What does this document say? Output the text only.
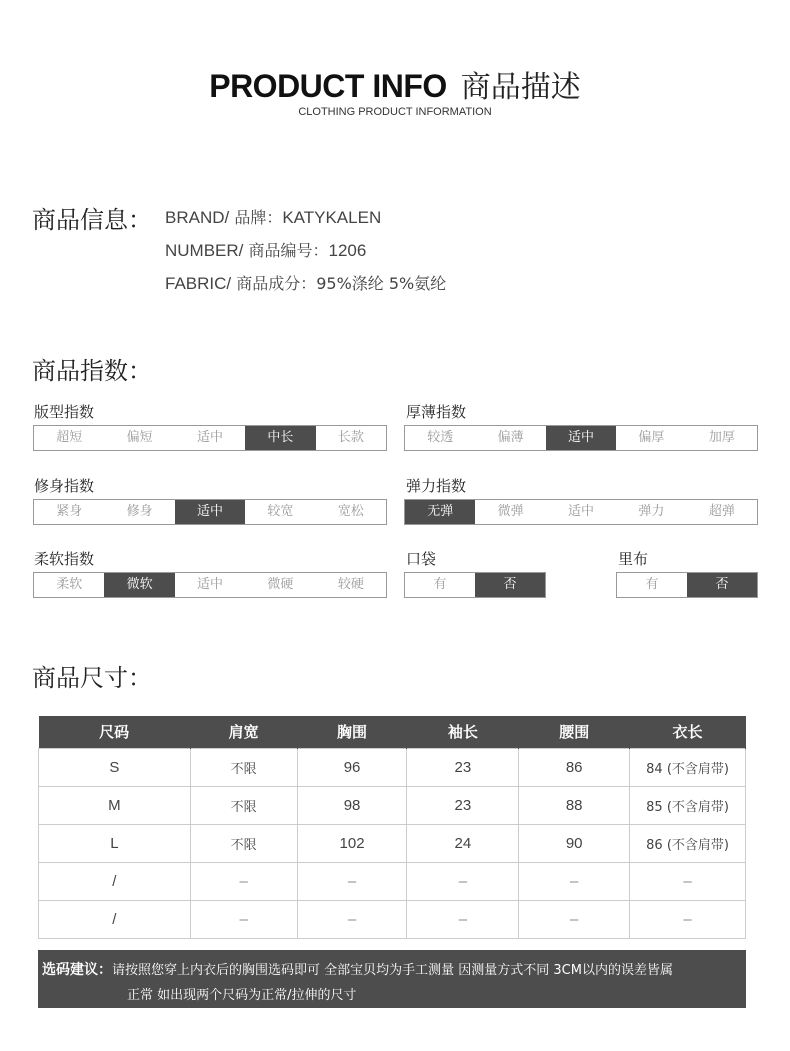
PRODUCT INFO 商品描述
CLOTHING PRODUCT INFORMATION
商品信息： BRAND/ 品牌：KATYKALEN
NUMBER/ 商品编号：1206
FABRIC/ 商品成分：95%涤纶 5%氨纶
商品指数：
版型指数
超短	偏短	适中	中长	长款
厚薄指数
较透	偏薄	适中	偏厚	加厚
修身指数
紧身	修身	适中	较宽	宽松
弹力指数
无弹	微弹	适中	弹力	超弹
柔软指数
柔软	微软	适中	微硬	较硬
口袋
有	否
里布
有	否
商品尺寸：
尺码	肩宽	胸围	袖长	腰围	衣长
S	不限	96	23	86	84 (不含肩带)
M	不限	98	23	88	85 (不含肩带)
L	不限	102	24	90	86 (不含肩带)
/	–	–	–	–	–
/	–	–	–	–	–
选码建议：请按照您穿上内衣后的胸围选码即可 全部宝贝均为手工测量 因测量方式不同 3CM以内的误差皆属
正常 如出现两个尺码为正常/拉伸的尺寸
